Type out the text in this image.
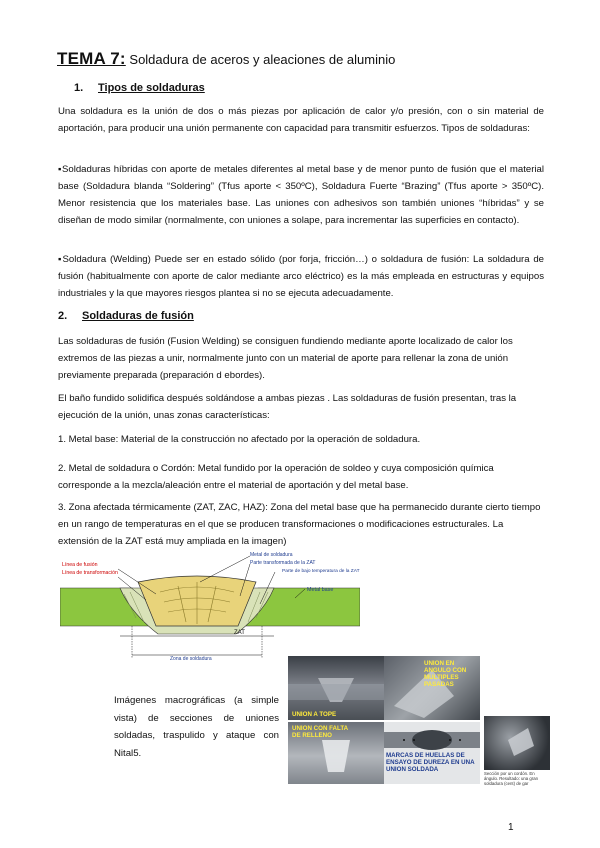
TEMA 7: Soldadura de aceros y aleaciones de aluminio
1. Tipos de soldaduras

Una soldadura es la unión de dos o más piezas por aplicación de calor y/o presión, con o sin material de aportación, para producir una unión permanente con capacidad para transmitir esfuerzos. Tipos de soldaduras:

▪Soldaduras híbridas con aporte de metales diferentes al metal base y de menor punto de fusión que el material base (Soldadura blanda “Soldering” (Tfus aporte < 350ºC), Soldadura Fuerte “Brazing” (Tfus aporte > 350ºC). Menor resistencia que los materiales base. Las uniones con adhesivos son también uniones “híbridas” y se diseñan de modo similar (normalmente, con uniones a solape, para incrementar las superficies en contacto).

▪Soldadura (Welding) Puede ser en estado sólido (por forja, fricción…) o soldadura de fusión: La soldadura de fusión (habitualmente con aporte de calor mediante arco eléctrico) es la más empleada en estructuras y equipos industriales y la que mayores riesgos plantea si no se ejecuta adecuadamente.

2. Soldaduras de fusión

Las soldaduras de fusión (Fusion Welding) se consiguen fundiendo mediante aporte localizado de calor los extremos de las piezas a unir, normalmente junto con un material de aporte para rellenar la zona de unión previamente preparada (preparación d ebordes).

El baño fundido solidifica después soldándose a ambas piezas . Las soldaduras de fusión presentan, tras la ejecución de la unión, unas zonas características:

1. Metal base: Material de la construcción no afectado por la operación de soldadura.

2. Metal de soldadura o Cordón: Metal fundido por la operación de soldeo y cuya composición química corresponde a la mezcla/aleación entre el material de aportación y del metal base.

3. Zona afectada térmicamente (ZAT, ZAC, HAZ): Zona del metal base que ha permanecido durante cierto tiempo en un rango de temperaturas en el que se producen transformaciones o modificaciones estructurales. La extensión de la ZAT está muy ampliada en la imagen)

Línea de fusión
Línea de transformación
Metal de soldadura
Parte transformada de la ZAT
Parte de bajo temperatura de la ZAT
Metal base
ZAT
Zona de soldadura
Imágenes macrográficas (a simple vista) de secciones de uniones soldadas, traspulido y ataque con Nital5.
UNION A TOPE
UNION EN ANGULO CON MULTIPLES PASADAS
UNION CON FALTA DE RELLENO
MARCAS DE HUELLAS DE ENSAYO DE DUREZA EN UNA UNION SOLDADA
Sección por un cordón. En ángulo. Resultado: una gran soldadura (cent) de gar
1
